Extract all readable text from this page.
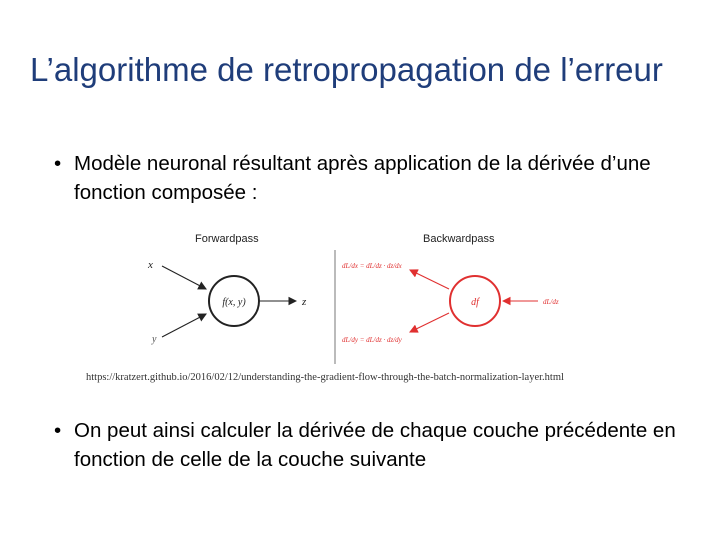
L’algorithme de retropropagation de l’erreur
• Modèle neuronal résultant après application de la dérivée d’une fonction composée :
Forwardpass
x
y
f(x, y)	z
Backwardpass
dL/dx = dL/dz · dz/dx
dL/dy = dL/dz · dz/dy
df	dL/dz
https://kratzert.github.io/2016/02/12/understanding-the-gradient-flow-through-the-batch-normalization-layer.html
• On peut ainsi calculer la dérivée de chaque couche précédente en fonction de celle de la couche suivante
